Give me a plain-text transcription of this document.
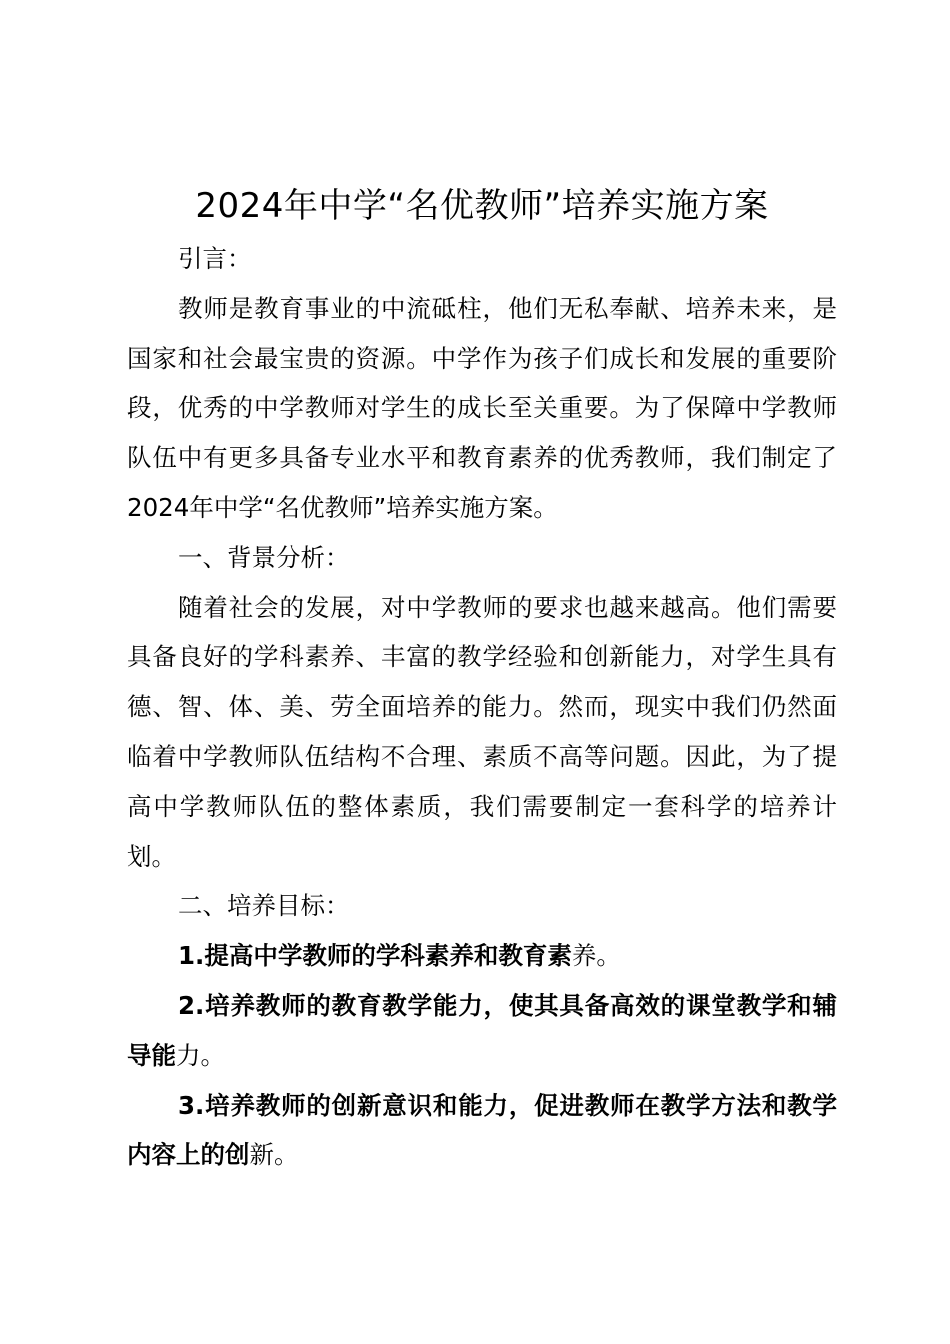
2024年中学“名优教师”培养实施方案

引言：

教师是教育事业的中流砥柱，他们无私奉献、培养未来，是国家和社会最宝贵的资源。中学作为孩子们成长和发展的重要阶段，优秀的中学教师对学生的成长至关重要。为了保障中学教师队伍中有更多具备专业水平和教育素养的优秀教师，我们制定了2024年中学“名优教师”培养实施方案。

一、背景分析：

随着社会的发展，对中学教师的要求也越来越高。他们需要具备良好的学科素养、丰富的教学经验和创新能力，对学生具有德、智、体、美、劳全面培养的能力。然而，现实中我们仍然面临着中学教师队伍结构不合理、素质不高等问题。因此，为了提高中学教师队伍的整体素质，我们需要制定一套科学的培养计划。

二、培养目标：

1.提高中学教师的学科素养和教育素养。

2.培养教师的教育教学能力，使其具备高效的课堂教学和辅导能力。

3.培养教师的创新意识和能力，促进教师在教学方法和教学内容上的创新。
